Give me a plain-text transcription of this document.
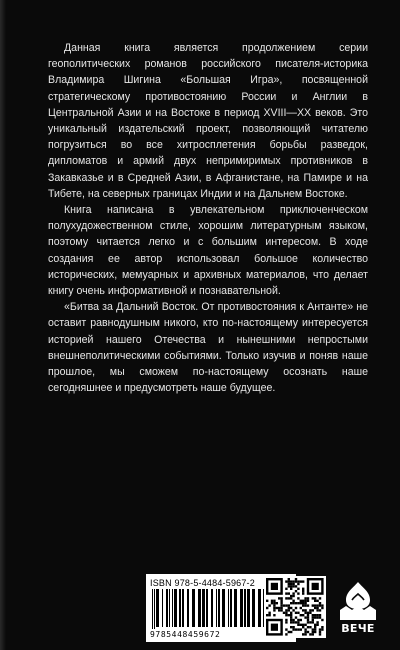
Данная книга является продолжением серии геополитических романов российского писателя-историка Владимира Шигина «Большая Игра», посвященной стратегическому противостоянию России и Англии в Центральной Азии и на Востоке в период XVIII—XX веков. Это уникальный издательский проект, позволяющий читателю погрузиться во все хитросплетения борьбы разведок, дипломатов и армий двух непримиримых противников в Закавказье и в Средней Азии, в Афганистане, на Памире и на Тибете, на северных границах Индии и на Дальнем Востоке.

Книга написана в увлекательном приключенческом полухудожественном стиле, хорошим литературным языком, поэтому читается легко и с большим интересом. В ходе создания ее автор использовал большое количество исторических, мемуарных и архивных материалов, что делает книгу очень информативной и познавательной.

«Битва за Дальний Восток. От противостояния к Антанте» не оставит равнодушным никого, кто по-настоящему интересуется историей нашего Отечества и нынешними непростыми внешнеполитическими событиями. Только изучив и поняв наше прошлое, мы сможем по-настоящему осознать наше сегодняшнее и предусмотреть наше будущее.

ISBN 978-5-4484-5967-2
9785448459672	ВЕЧЕ
